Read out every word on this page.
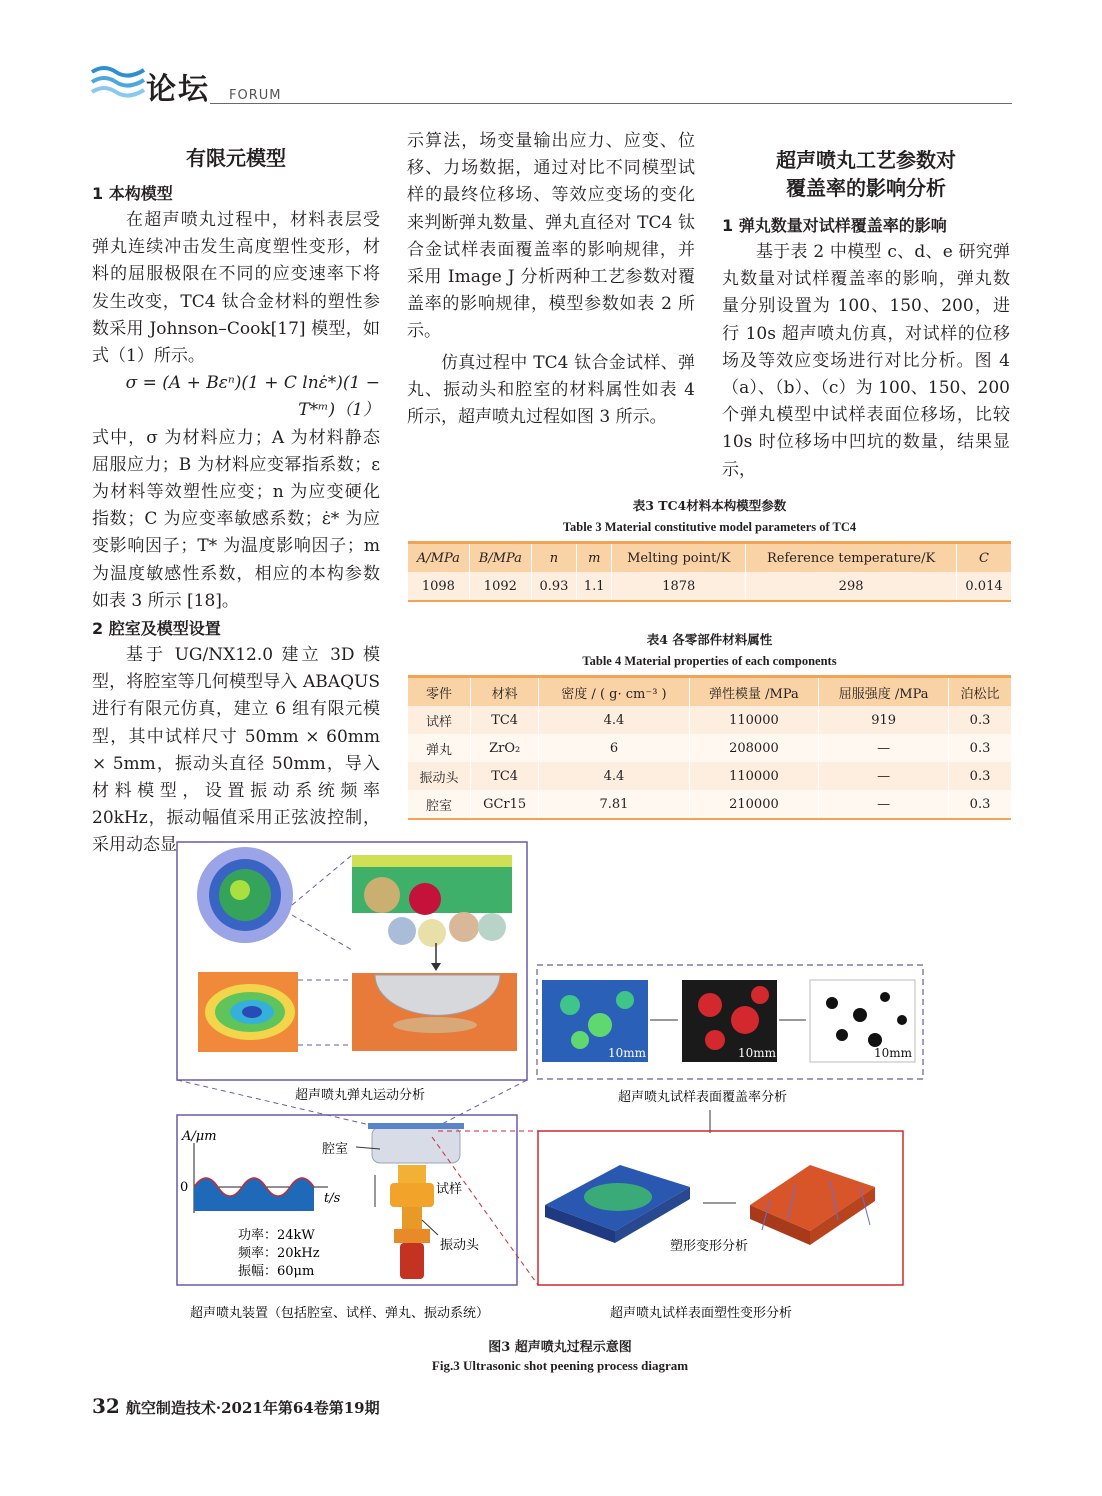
论坛 FORUM
有限元模型
1 本构模型

在超声喷丸过程中，材料表层受弹丸连续冲击发生高度塑性变形，材料的屈服极限在不同的应变速率下将发生改变，TC4 钛合金材料的塑性参数采用 Johnson–Cook[17] 模型，如式（1）所示。

σ = (A + Bεⁿ)(1 + C lnε̇*)(1 − T*ᵐ)（1）

式中，σ 为材料应力；A 为材料静态屈服应力；B 为材料应变幂指系数；ε 为材料等效塑性应变；n 为应变硬化指数；C 为应变率敏感系数；ε̇* 为应变影响因子；T* 为温度影响因子；m 为温度敏感性系数，相应的本构参数如表 3 所示 [18]。

2 腔室及模型设置

基于 UG/NX12.0 建立 3D 模型，将腔室等几何模型导入 ABAQUS 进行有限元仿真，建立 6 组有限元模型，其中试样尺寸 50mm × 60mm × 5mm，振动头直径 50mm，导入材料模型，设置振动系统频率 20kHz，振动幅值采用正弦波控制，采用动态显

示算法，场变量输出应力、应变、位移、力场数据，通过对比不同模型试样的最终位移场、等效应变场的变化来判断弹丸数量、弹丸直径对 TC4 钛合金试样表面覆盖率的影响规律，并采用 Image J 分析两种工艺参数对覆盖率的影响规律，模型参数如表 2 所示。

仿真过程中 TC4 钛合金试样、弹丸、振动头和腔室的材料属性如表 4 所示，超声喷丸过程如图 3 所示。

超声喷丸工艺参数对
覆盖率的影响分析
1 弹丸数量对试样覆盖率的影响

基于表 2 中模型 c、d、e 研究弹丸数量对试样覆盖率的影响，弹丸数量分别设置为 100、150、200，进行 10s 超声喷丸仿真，对试样的位移场及等效应变场进行对比分析。图 4（a）、（b）、（c）为 100、150、200 个弹丸模型中试样表面位移场，比较 10s 时位移场中凹坑的数量，结果显示，

表3 TC4材料本构模型参数
Table 3 Material constitutive model parameters of TC4
A/MPa	B/MPa	n	m	Melting point/K	Reference temperature/K	C
1098	1092	0.93	1.1	1878	298	0.014
表4 各零部件材料属性
Table 4 Material properties of each components
零件	材料	密度 / ( g· cm⁻³ )	弹性模量 /MPa	屈服强度 /MPa	泊松比
试样	TC4	4.4	110000	919	0.3
弹丸	ZrO₂	6	208000	—	0.3
振动头	TC4	4.4	110000	—	0.3
腔室	GCr15	7.81	210000	—	0.3
10mm	10mm	10mm
超声喷丸弹丸运动分析	超声喷丸试样表面覆盖率分析
A/μm
0
t/s
功率：24kW
频率：20kHz
振幅：60μm
腔室
试样
振动头	塑形变形分析
超声喷丸装置（包括腔室、试样、弹丸、振动系统）	超声喷丸试样表面塑性变形分析
图3 超声喷丸过程示意图
Fig.3 Ultrasonic shot peening process diagram
32 航空制造技术·2021年第64卷第19期
